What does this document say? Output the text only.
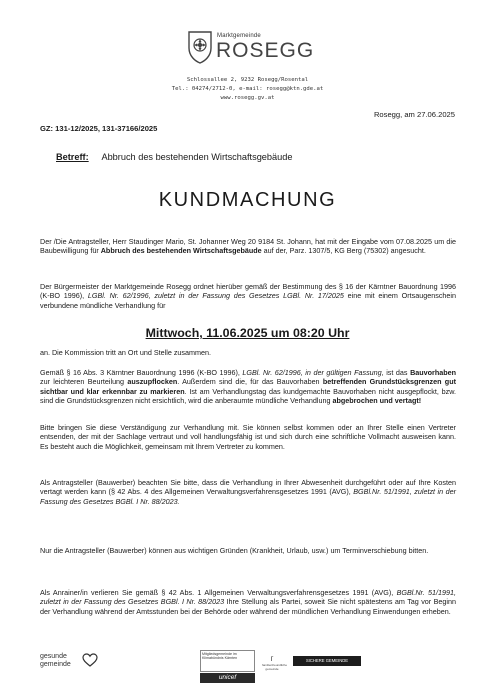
Marktgemeinde
ROSEGG
Schlossallee 2, 9232 Rosegg/Rosental
Tel.: 04274/2712-0, e-mail: rosegg@ktn.gde.at
www.rosegg.gv.at
Rosegg, am 27.06.2025
GZ: 131-12/2025, 131-37166/2025
Betreff: Abbruch des bestehenden Wirtschaftsgebäude
KUNDMACHUNG
Der /Die Antragsteller, Herr Staudinger Mario, St. Johanner Weg 20 9184 St. Johann, hat mit der Eingabe vom 07.08.2025 um die Baubewilligung für Abbruch des bestehenden Wirtschaftsgebäude auf der, Parz. 1307/5, KG Berg (75302) angesucht.
Der Bürgermeister der Marktgemeinde Rosegg ordnet hierüber gemäß der Bestimmung des § 16 der Kärntner Bauordnung 1996 (K-BO 1996), LGBl. Nr. 62/1996, zuletzt in der Fassung des Gesetzes LGBl. Nr. 17/2025 eine mit einem Ortsaugenschein verbundene mündliche Verhandlung für
Mittwoch, 11.06.2025 um 08:20 Uhr
an. Die Kommission tritt an Ort und Stelle zusammen.
Gemäß § 16 Abs. 3 Kärntner Bauordnung 1996 (K-BO 1996), LGBl. Nr. 62/1996, in der gültigen Fassung, ist das Bauvorhaben zur leichteren Beurteilung auszupflocken. Außerdem sind die, für das Bauvorhaben betreffenden Grundstücksgrenzen gut sichtbar und klar erkennbar zu markieren. Ist am Verhandlungstag das kundgemachte Bauvorhaben nicht ausgepflockt, bzw. sind die Grundstücksgrenzen nicht ersichtlich, wird die anberaumte mündliche Verhandlung abgebrochen und vertagt!
Bitte bringen Sie diese Verständigung zur Verhandlung mit. Sie können selbst kommen oder an Ihrer Stelle einen Vertreter entsenden, der mit der Sachlage vertraut und voll handlungsfähig ist und sich durch eine schriftliche Vollmacht ausweisen kann. Es besteht auch die Möglichkeit, gemeinsam mit Ihrem Vertreter zu kommen.
Als Antragsteller (Bauwerber) beachten Sie bitte, dass die Verhandlung in Ihrer Abwesenheit durchgeführt oder auf Ihre Kosten vertagt werden kann (§ 42 Abs. 4 des Allgemeinen Verwaltungsverfahrensgesetzes 1991 (AVG), BGBl.Nr. 51/1991, zuletzt in der Fassung des Gesetzes BGBl. I Nr. 88/2023.
Nur die Antragsteller (Bauwerber) können aus wichtigen Gründen (Krankheit, Urlaub, usw.) um Terminverschiebung bitten.
Als Anrainer/in verlieren Sie gemäß § 42 Abs. 1 Allgemeinen Verwaltungsverfahrensgesetzes 1991 (AVG), BGBl.Nr. 51/1991, zuletzt in der Fassung des Gesetzes BGBl. I Nr. 88/2023 Ihre Stellung als Partei, soweit Sie nicht spätestens am Tag vor Beginn der Verhandlung während der Amtsstunden bei der Behörde oder während der mündlichen Verhandlung Einwendungen erheben.
gesunde
gemeinde
Mitgliedsgemeinde im Klimabündnis Kärnten
unicef
ᴦ
familienfreundliche gemeinde
SICHERE GEMEINDE
